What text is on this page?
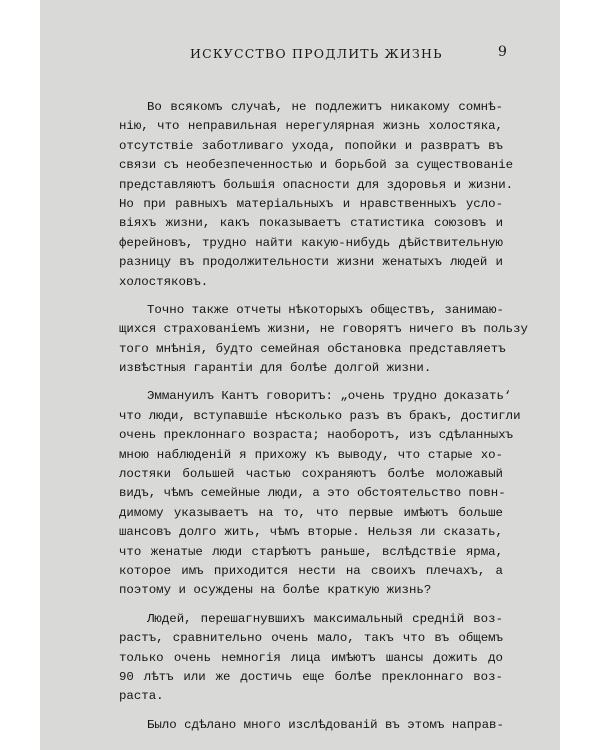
ИСКУССТВО ПРОДЛИТЬ ЖИЗНЬ	9

Во всякомъ случаѣ, не подлежитъ никакому сомнѣ-
нію, что неправильная нерегулярная жизнь холостяка,
отсутствіе заботливаго ухода, попойки и развратъ въ
связи съ необезпеченностью и борьбой за существованіе
представляютъ большія опасности для здоровья и жизни.
Но при равныхъ матеріальныхъ и нравственныхъ усло-
віяхъ жизни, какъ показываетъ статистика союзовъ и
ферейновъ, трудно найти какую-нибудь дѣйствительную
разницу въ продолжительности жизни женатыхъ людей и
холостяковъ.

Точно также отчеты нѣкоторыхъ обществъ, занимаю-
щихся страхованіемъ жизни, не говорятъ ничего въ пользу
того мнѣнія, будто семейная обстановка представляетъ
извѣстныя гарантіи для болѣе долгой жизни.

Эммануилъ Кантъ говоритъ: „очень трудно доказать‘
что люди, вступавшіе нѣсколько разъ въ бракъ, достигли
очень преклоннаго возраста; наоборотъ, изъ сдѣланныхъ
мною наблюденій я прихожу къ выводу, что старые хо-
лостяки большей частью сохраняютъ болѣе моложавый
видъ, чѣмъ семейные люди, а это обстоятельство повн-
димому указываетъ на то, что первые имѣютъ больше
шансовъ долго жить, чѣмъ вторые. Нельзя ли сказать,
что женатые люди старѣютъ раньше, вслѣдствіе ярма,
которое имъ приходится нести на своихъ плечахъ, а
поэтому и осуждены на болѣе краткую жизнь?

Людей, перешагнувшихъ максимальный средній воз-
растъ, сравнительно очень мало, такъ что въ общемъ
только очень немногія лица имѣютъ шансы дожить до
90 лѣтъ или же достичь еще болѣе преклоннаго воз-
раста.

Было сдѣлано много изслѣдованій въ этомъ направ-
